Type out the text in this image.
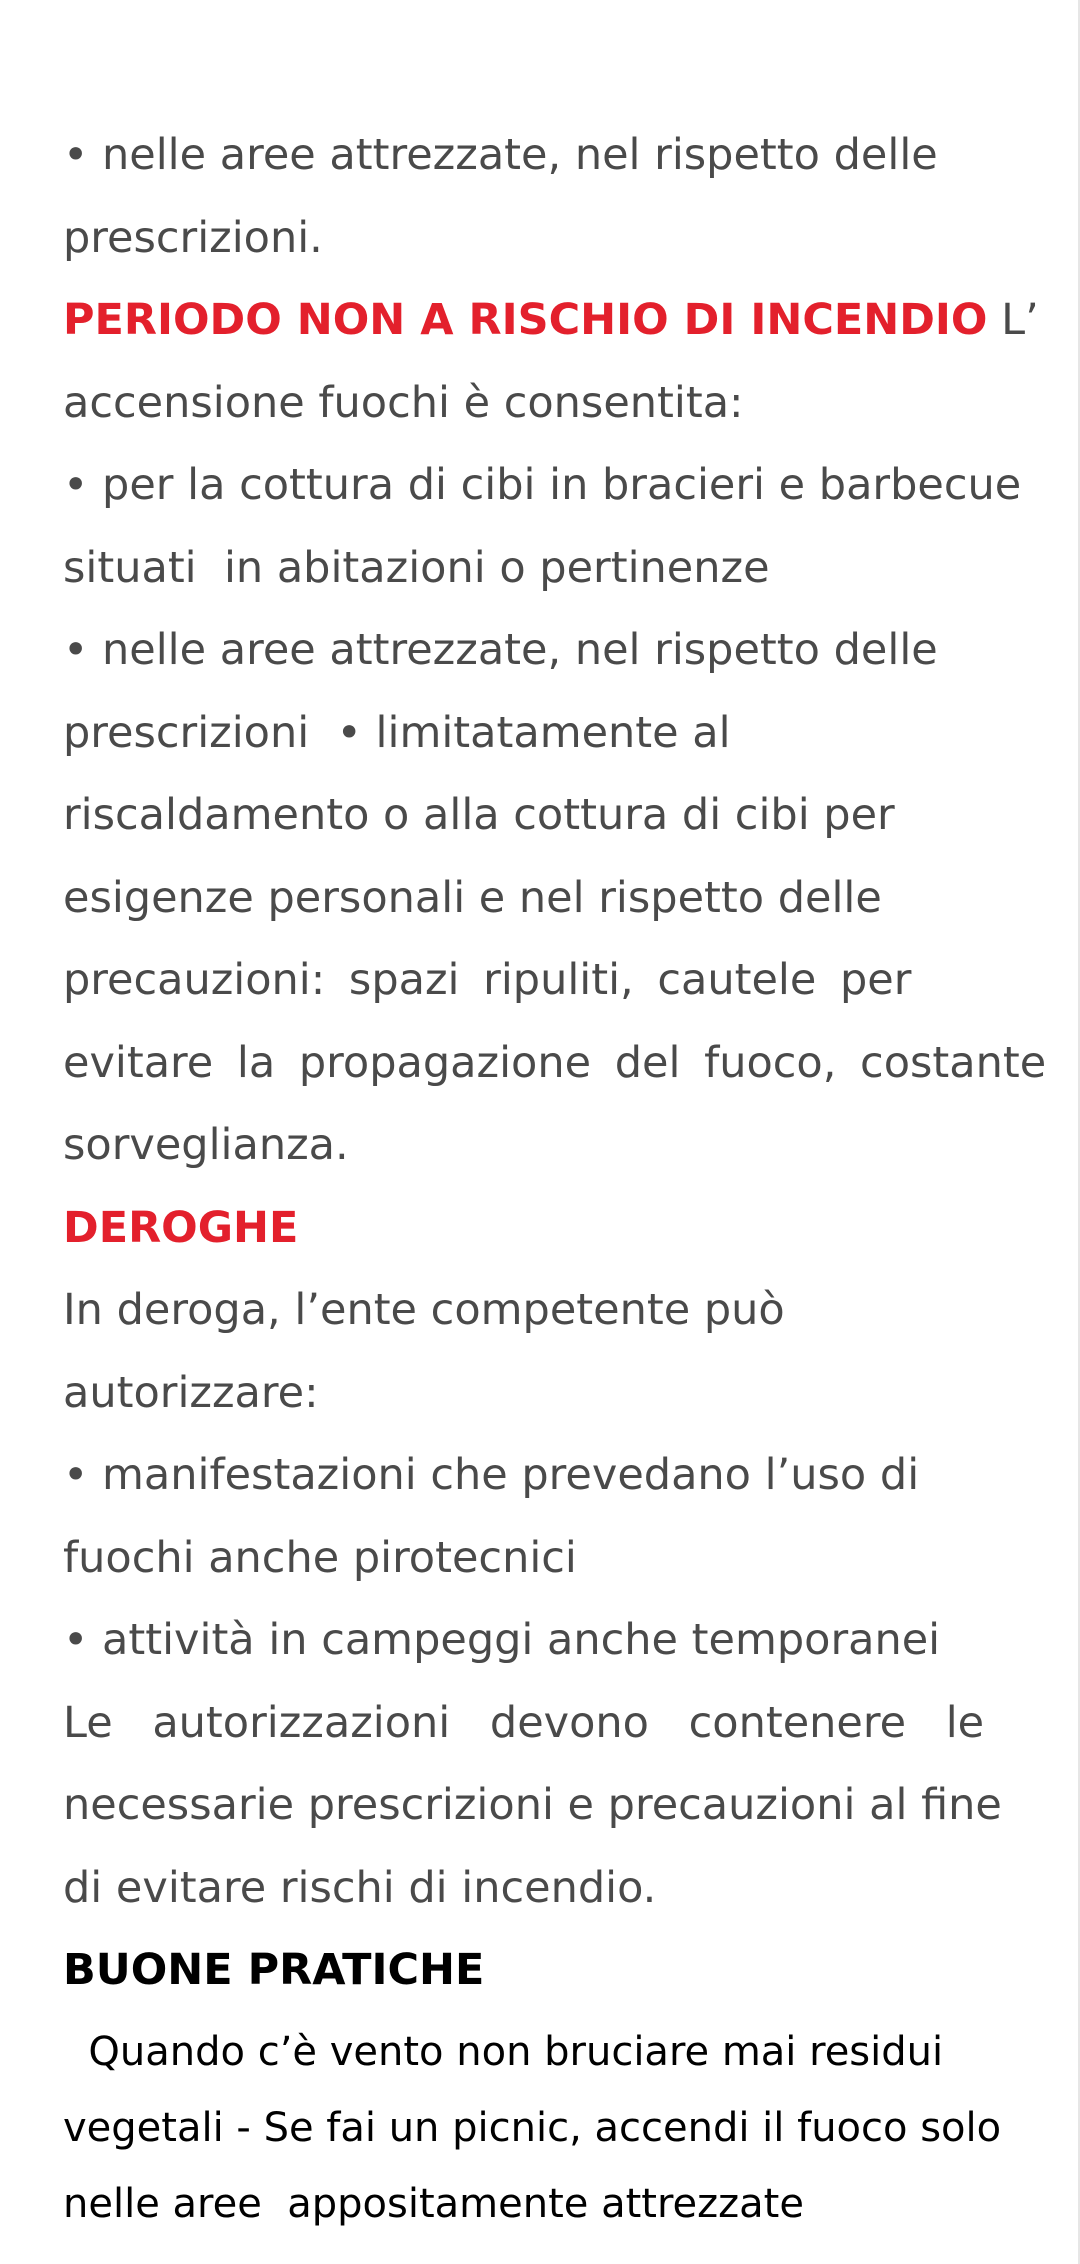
• nelle aree attrezzate, nel rispetto delle
prescrizioni.
PERIODO NON A RISCHIO DI INCENDIO L’
accensione fuochi è consentita:
• per la cottura di cibi in bracieri e barbecue
situati  in abitazioni o pertinenze
• nelle aree attrezzate, nel rispetto delle
prescrizioni  • limitatamente al
riscaldamento o alla cottura di cibi per
esigenze personali e nel rispetto delle
precauzioni: spazi ripuliti, cautele per
evitare la propagazione del fuoco, costante
sorveglianza.
DEROGHE
In deroga, l’ente competente può
autorizzare:
• manifestazioni che prevedano l’uso di
fuochi anche pirotecnici
• attività in campeggi anche temporanei
Le autorizzazioni devono contenere le
necessarie prescrizioni e precauzioni al fine
di evitare rischi di incendio.
BUONE PRATICHE
Quando c’è vento non bruciare mai residui
vegetali - Se fai un picnic, accendi il fuoco solo
nelle aree  appositamente attrezzate
